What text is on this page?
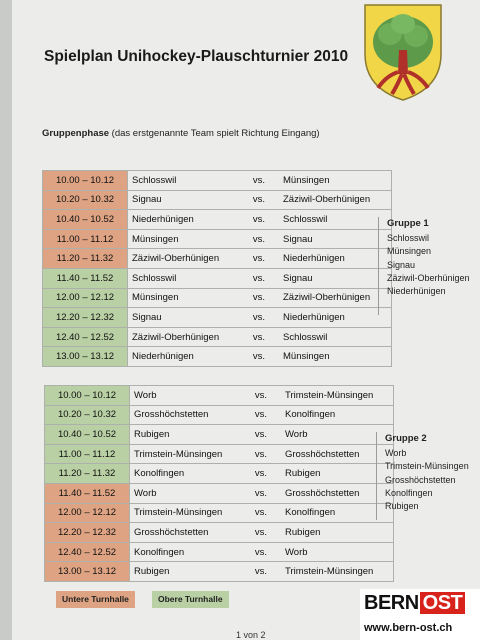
Spielplan Unihockey-Plauschturnier 2010
Gruppenphase (das erstgenannte Team spielt Richtung Eingang)
10.00 – 10.12	Schlosswil	vs.	Münsingen
10.20 – 10.32	Signau	vs.	Zäziwil-Oberhünigen
10.40 – 10.52	Niederhünigen	vs.	Schlosswil
11.00 – 11.12	Münsingen	vs.	Signau
11.20 – 11.32	Zäziwil-Oberhünigen	vs.	Niederhünigen
11.40 – 11.52	Schlosswil	vs.	Signau
12.00 – 12.12	Münsingen	vs.	Zäziwil-Oberhünigen
12.20 – 12.32	Signau	vs.	Niederhünigen
12.40 – 12.52	Zäziwil-Oberhünigen	vs.	Schlosswil
13.00 – 13.12	Niederhünigen	vs.	Münsingen
Gruppe 1
Schlosswil
Münsingen
Signau
Zäziwil-Oberhünigen
Niederhünigen
10.00 – 10.12	Worb	vs.	Trimstein-Münsingen
10.20 – 10.32	Grosshöchstetten	vs.	Konolfingen
10.40 – 10.52	Rubigen	vs.	Worb
11.00 – 11.12	Trimstein-Münsingen	vs.	Grosshöchstetten
11.20 – 11.32	Konolfingen	vs.	Rubigen
11.40 – 11.52	Worb	vs.	Grosshöchstetten
12.00 – 12.12	Trimstein-Münsingen	vs.	Konolfingen
12.20 – 12.32	Grosshöchstetten	vs.	Rubigen
12.40 – 12.52	Konolfingen	vs.	Worb
13.00 – 13.12	Rubigen	vs.	Trimstein-Münsingen
Gruppe 2
Worb
Trimstein-Münsingen
Grosshöchstetten
Konolfingen
Rubigen
Untere Turnhalle	Obere Turnhalle
1 von 2
BERN OST
www.bern-ost.ch
